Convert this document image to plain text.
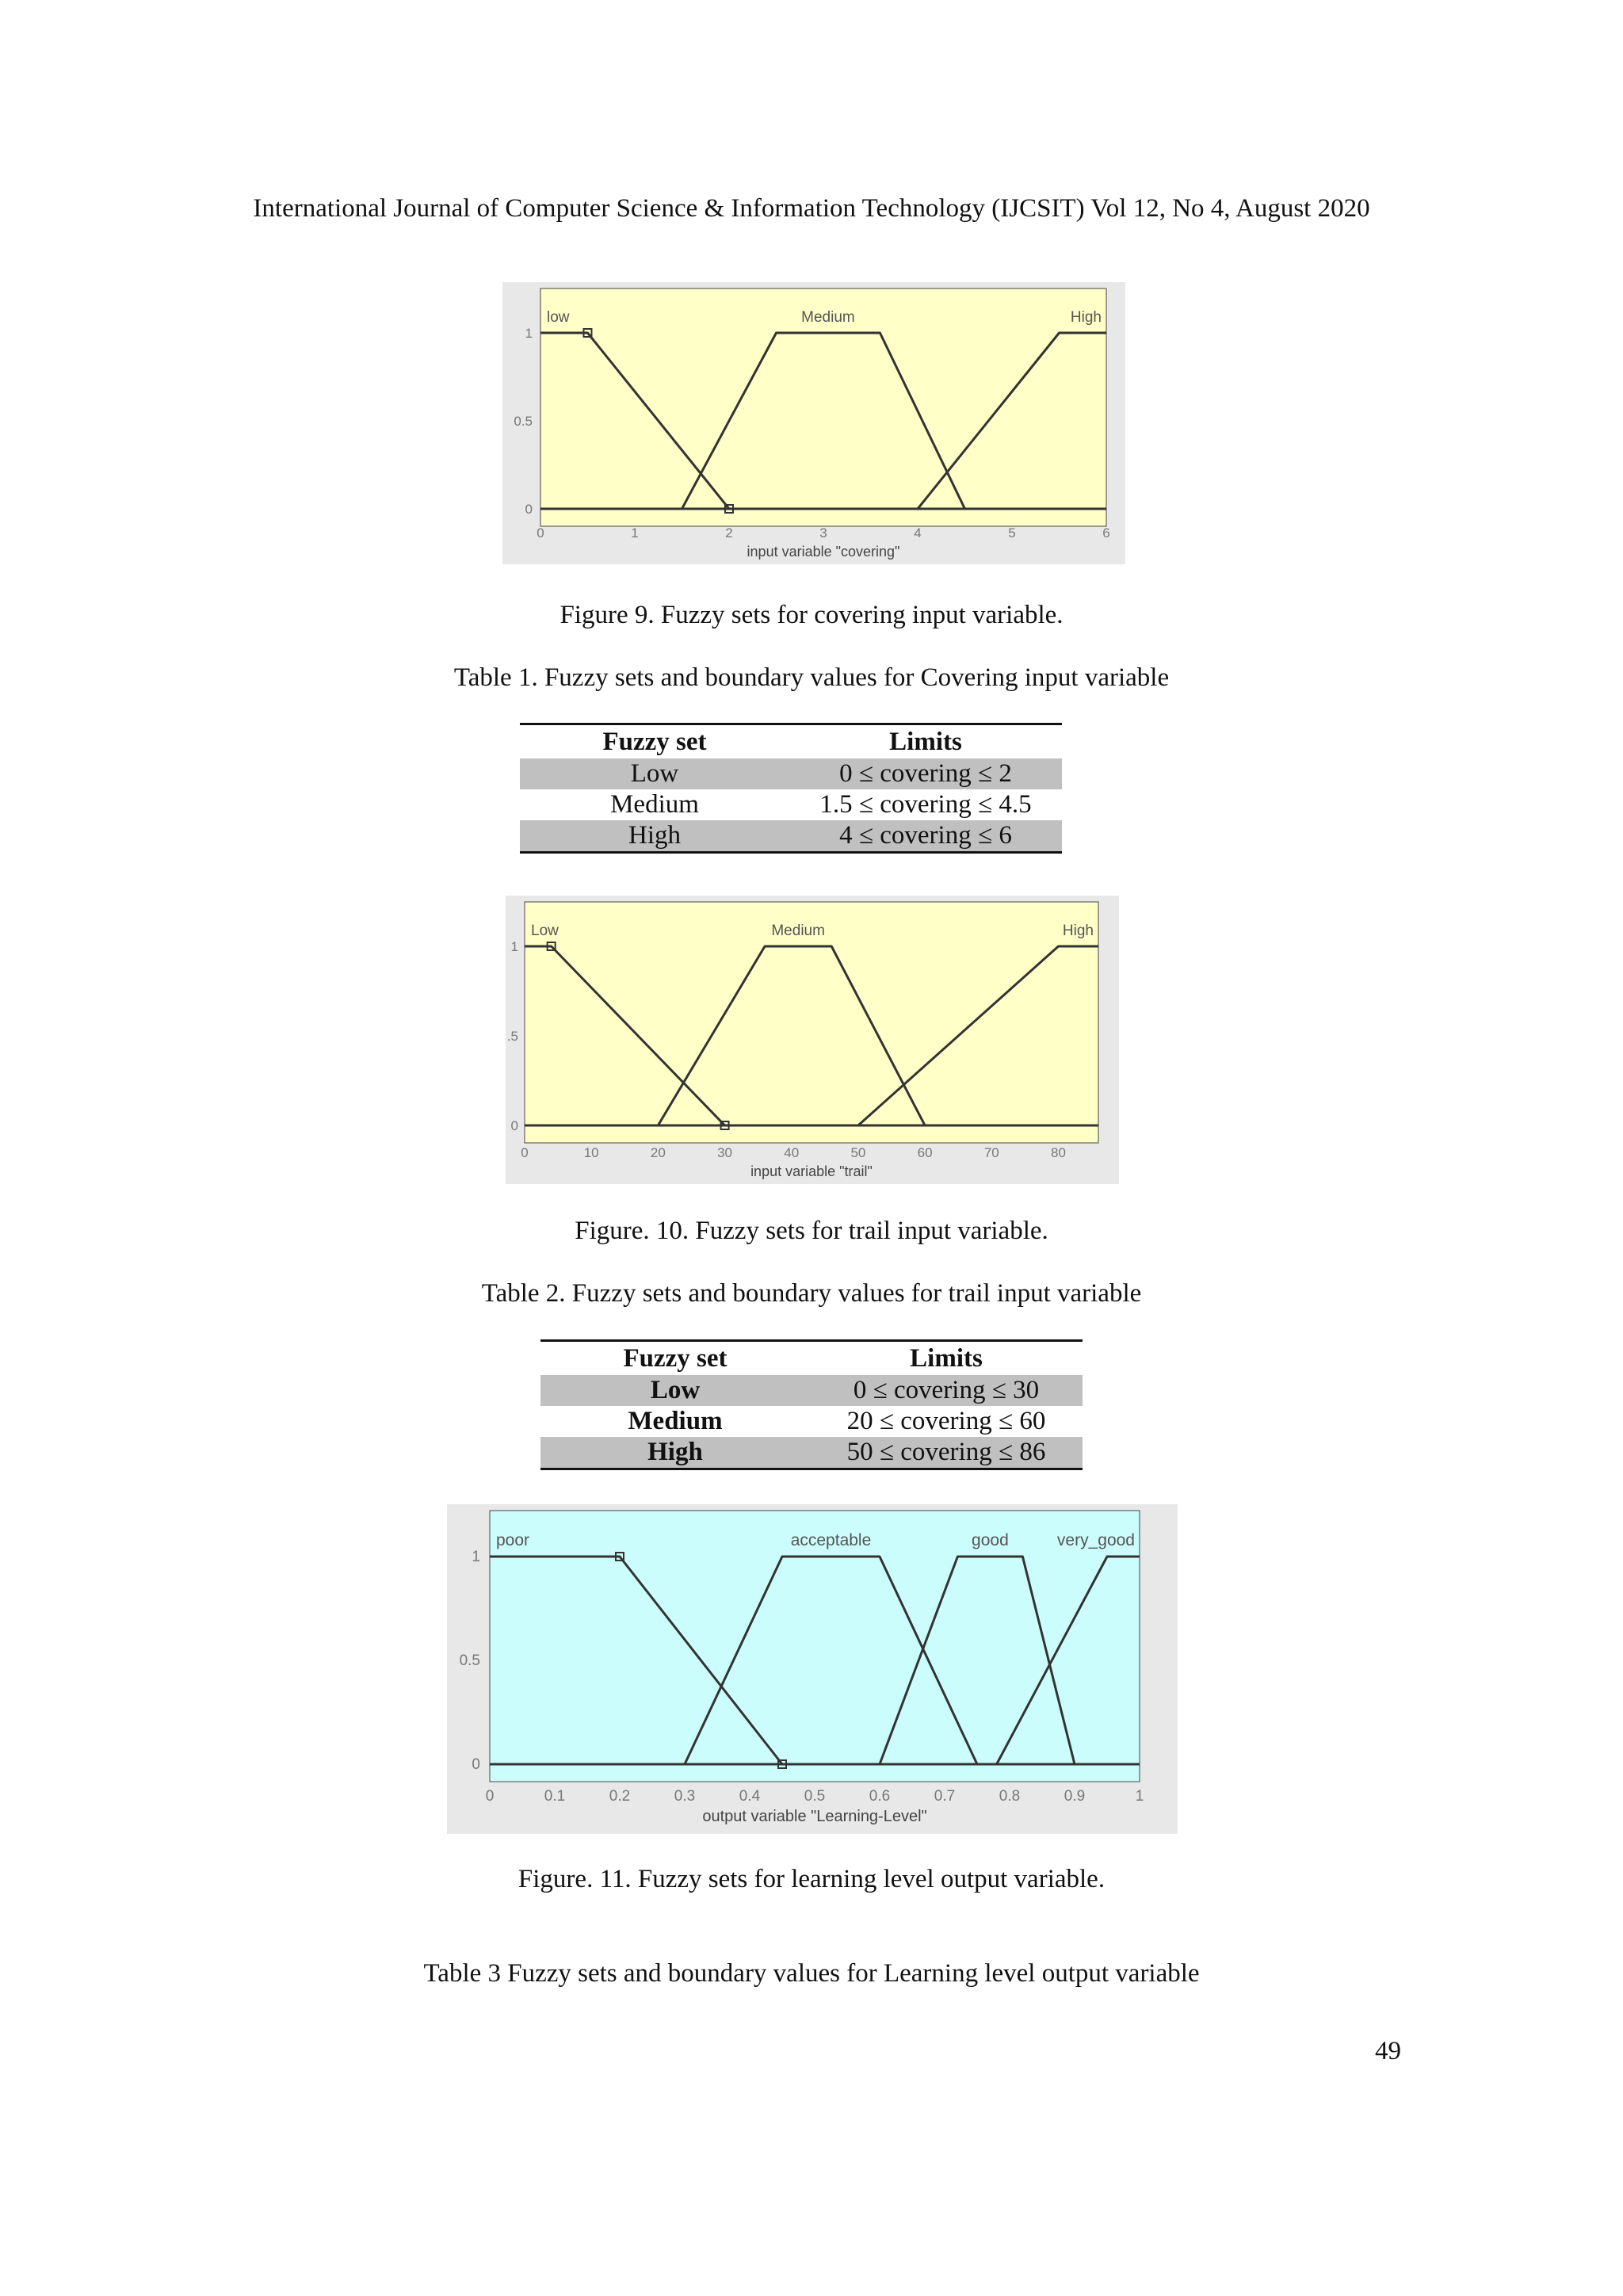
International Journal of Computer Science & Information Technology (IJCSIT) Vol 12, No 4, August 2020
0	1	2	3	4	5	6
0
0.5
1
input variable "covering"
low	Medium	High
Figure 9. Fuzzy sets for covering input variable.
Table 1. Fuzzy sets and boundary values for Covering input variable
Fuzzy set	Limits
Low	0 ≤ covering ≤ 2
Medium	1.5 ≤ covering ≤ 4.5
High	4 ≤ covering ≤ 6
0	10	20	30	40	50	60	70	80
0
.5
1
input variable "trail"
Low	Medium	High
Figure. 10. Fuzzy sets for trail input variable.
Table 2. Fuzzy sets and boundary values for trail input variable
Fuzzy set	Limits
Low	0 ≤ covering ≤ 30
Medium	20 ≤ covering ≤ 60
High	50 ≤ covering ≤ 86
0	0.1	0.2	0.3	0.4	0.5	0.6	0.7	0.8	0.9	1
0
0.5
1
output variable "Learning-Level"
poor	acceptable	good	very_good
Figure. 11. Fuzzy sets for learning level output variable.
Table 3 Fuzzy sets and boundary values for Learning level output variable
49
